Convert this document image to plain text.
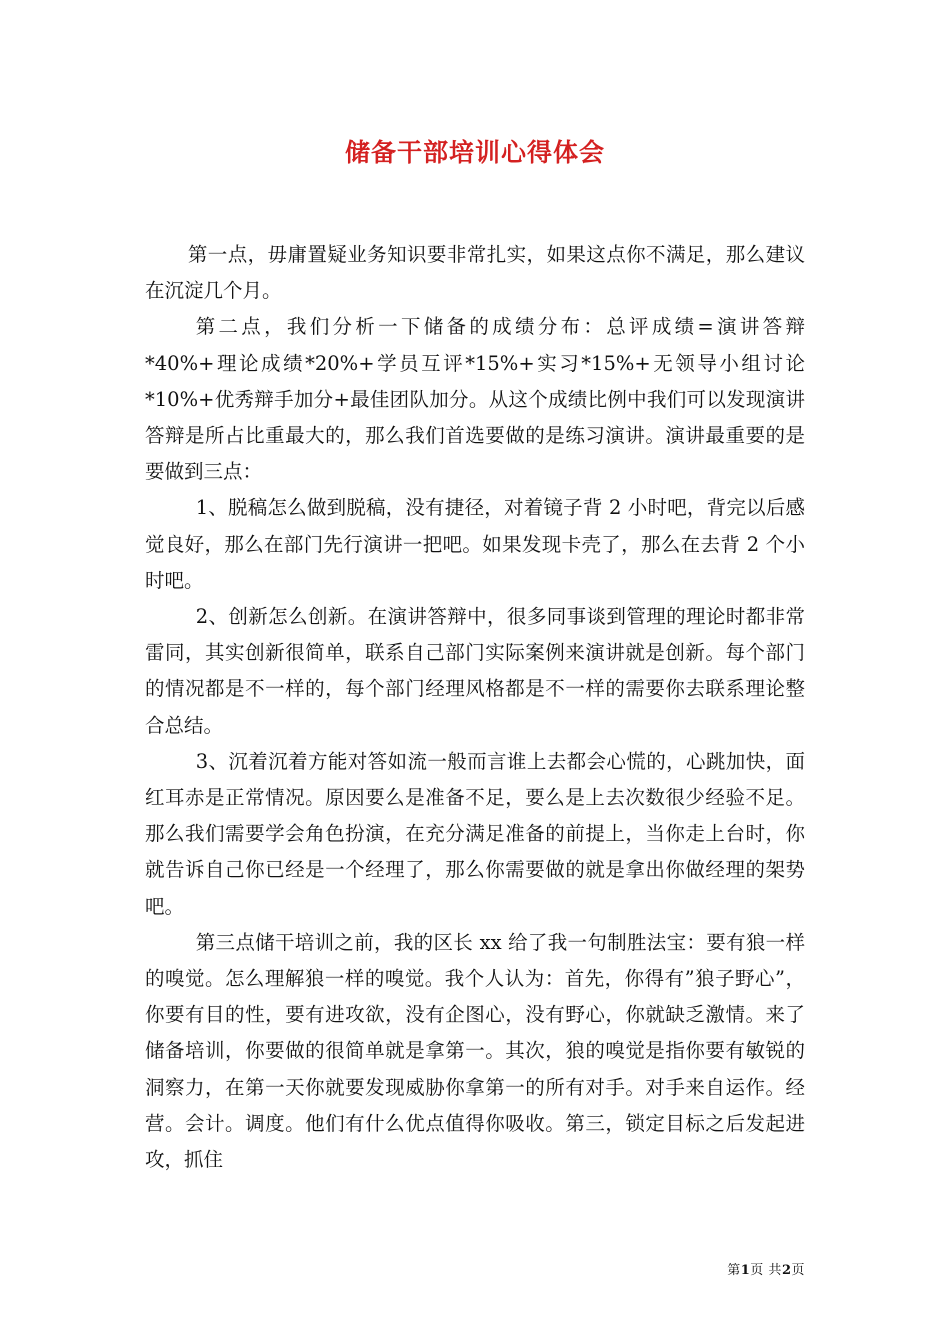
储备干部培训心得体会

第一点，毋庸置疑业务知识要非常扎实，如果这点你不满足，那么建议在沉淀几个月。

第二点，我们分析一下储备的成绩分布：总评成绩=演讲答辩*40%+理论成绩*20%+学员互评*15%+实习*15%+无领导小组讨论*10%+优秀辩手加分+最佳团队加分。从这个成绩比例中我们可以发现演讲答辩是所占比重最大的，那么我们首选要做的是练习演讲。演讲最重要的是要做到三点：

1、脱稿怎么做到脱稿，没有捷径，对着镜子背 2 小时吧，背完以后感觉良好，那么在部门先行演讲一把吧。如果发现卡壳了，那么在去背 2 个小时吧。

2、创新怎么创新。在演讲答辩中，很多同事谈到管理的理论时都非常雷同，其实创新很简单，联系自己部门实际案例来演讲就是创新。每个部门的情况都是不一样的，每个部门经理风格都是不一样的需要你去联系理论整合总结。

3、沉着沉着方能对答如流一般而言谁上去都会心慌的，心跳加快，面红耳赤是正常情况。原因要么是准备不足，要么是上去次数很少经验不足。那么我们需要学会角色扮演，在充分满足准备的前提上，当你走上台时，你就告诉自己你已经是一个经理了，那么你需要做的就是拿出你做经理的架势吧。

第三点储干培训之前，我的区长 xx 给了我一句制胜法宝：要有狼一样的嗅觉。怎么理解狼一样的嗅觉。我个人认为：首先，你得有”狼子野心”，你要有目的性，要有进攻欲，没有企图心，没有野心，你就缺乏激情。来了储备培训，你要做的很简单就是拿第一。其次，狼的嗅觉是指你要有敏锐的洞察力，在第一天你就要发现威胁你拿第一的所有对手。对手来自运作。经营。会计。调度。他们有什么优点值得你吸收。第三，锁定目标之后发起进攻，抓住

第1页 共2页
